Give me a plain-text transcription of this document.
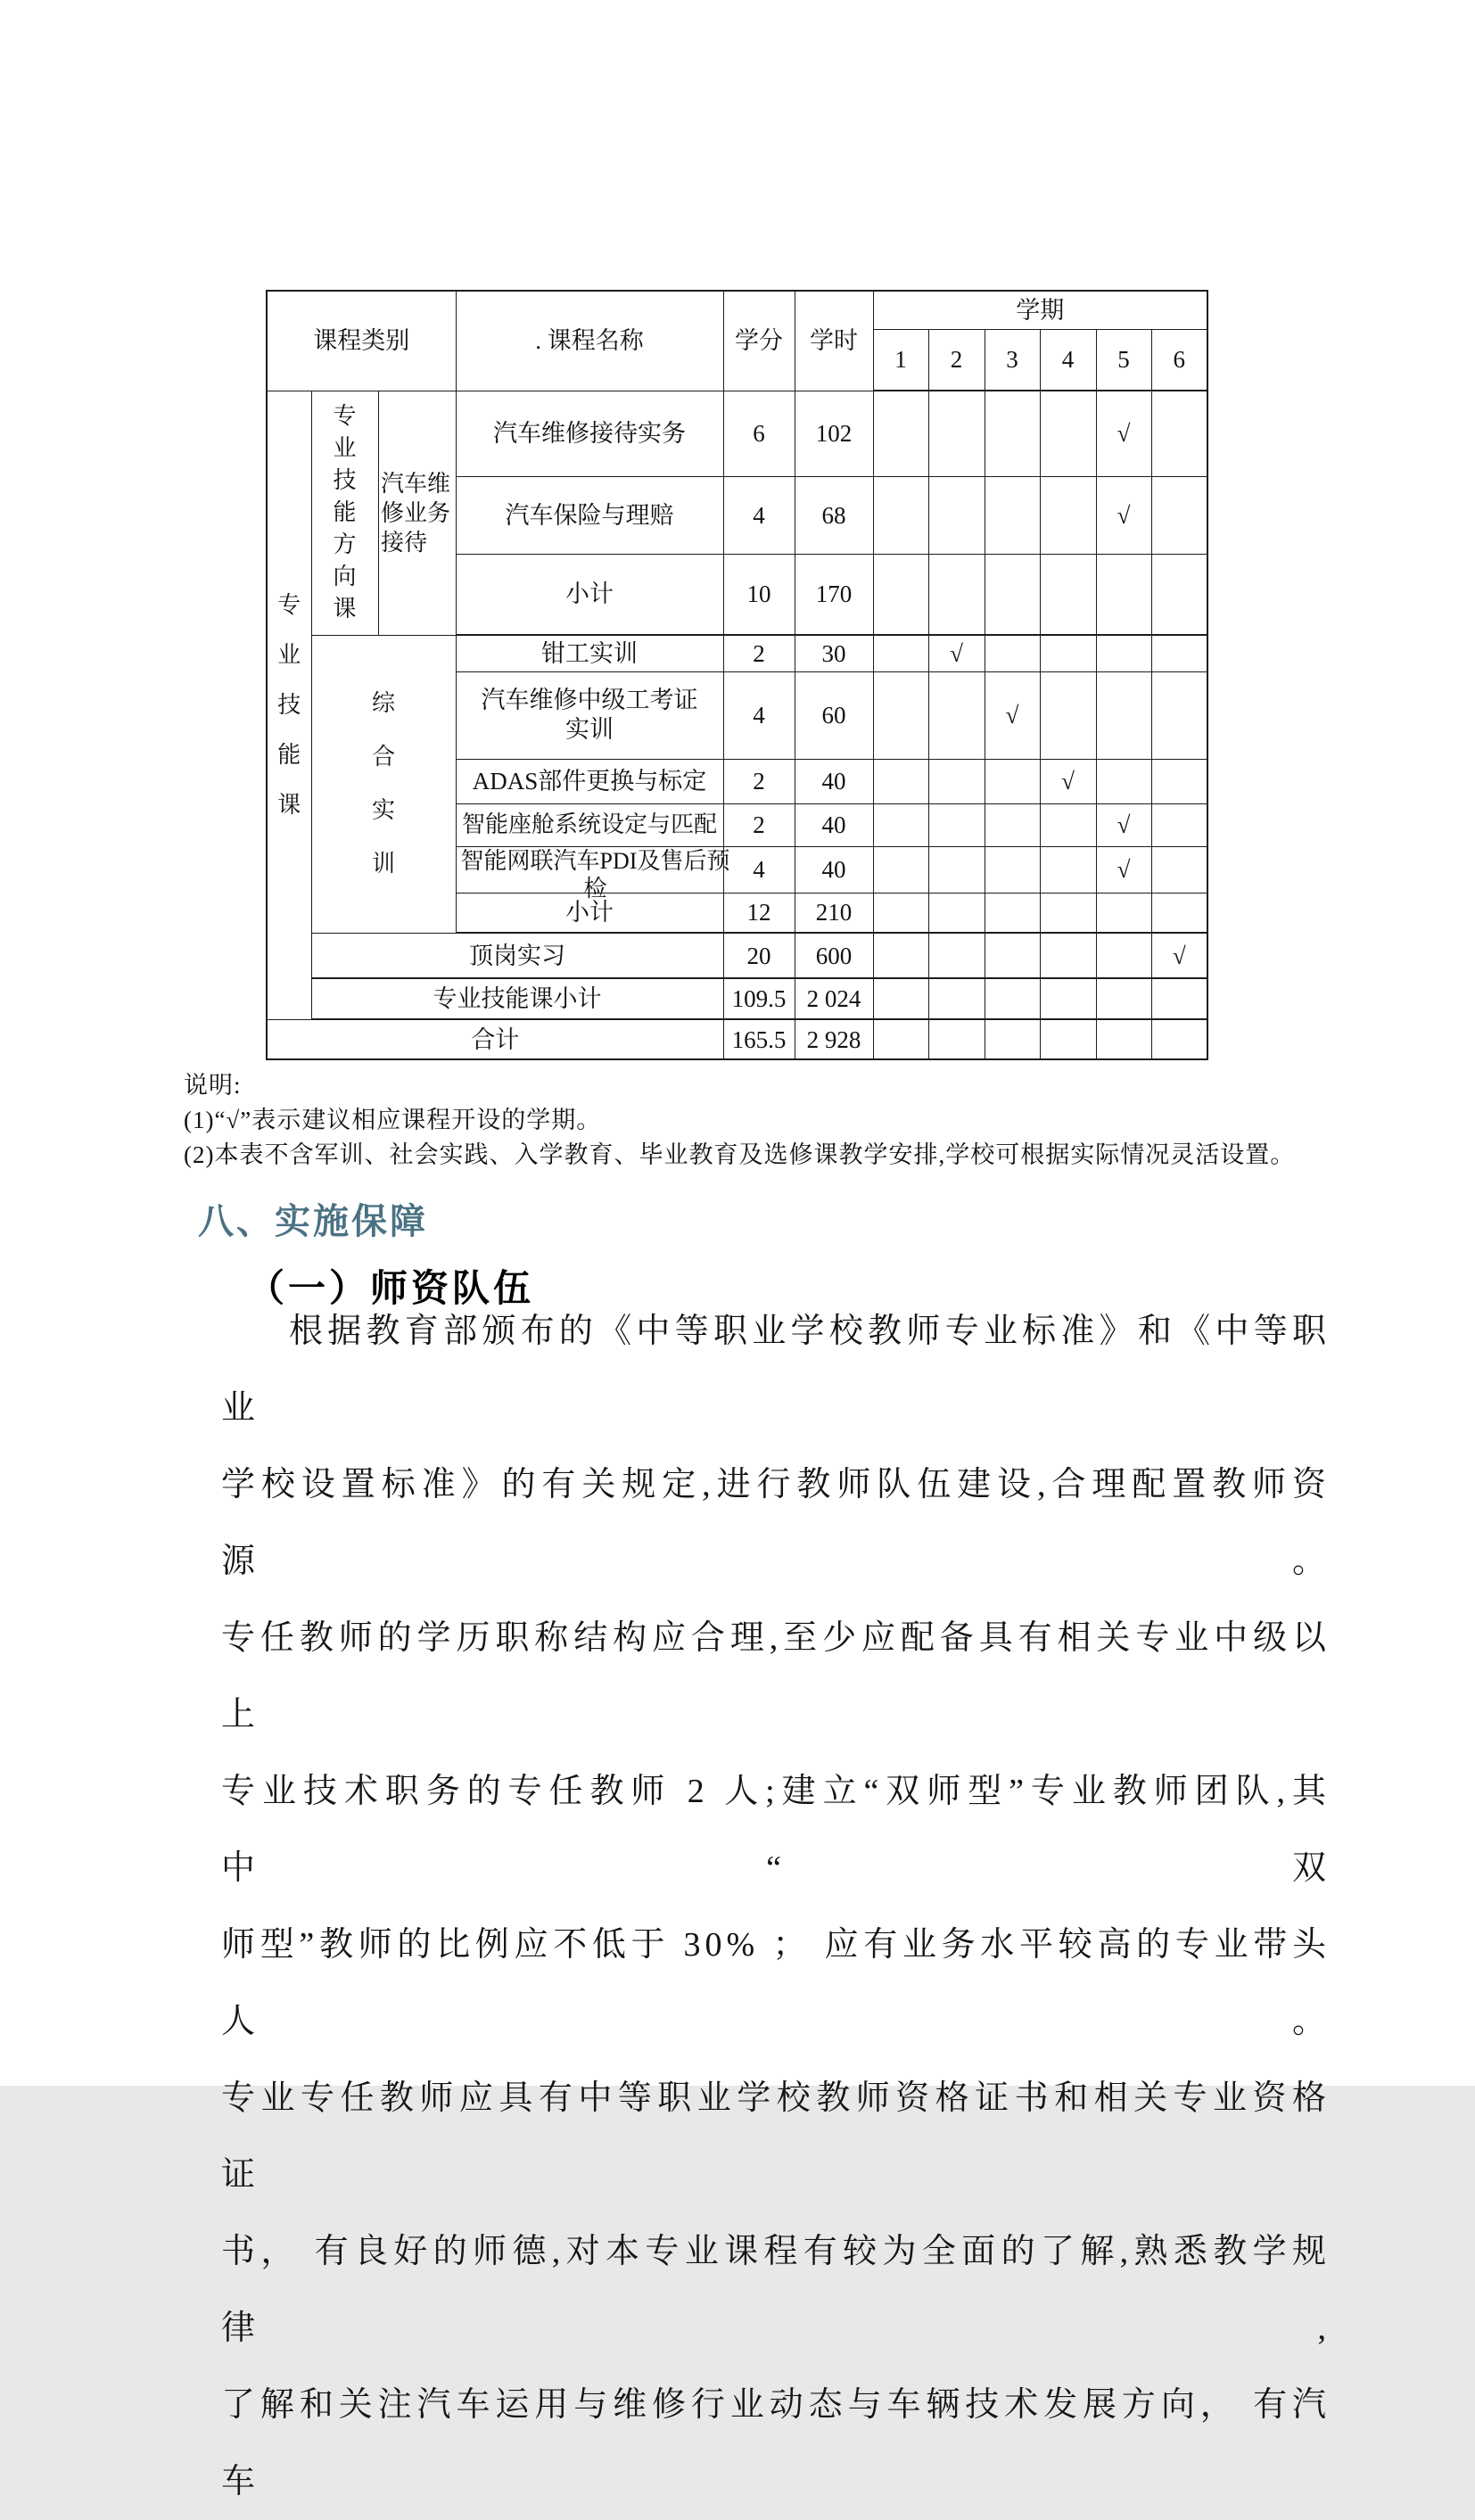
课程类别			. 课程名称	学分	学时	学期					
						1	2	3	4	5	6
专业技能课	专业技能方向课	汽车维修业务接待	汽车维修接待实务	6	102					√	
			汽车保险与理赔	4	68					√	
			小计	10	170						
	综合实训		钳工实训	2	30		√				
			汽车维修中级工考证实训	4	60			√			
			ADAS部件更换与标定	2	40				√		
			智能座舱系统设定与匹配	2	40					√	

			智能网联汽车PDI及售后预检	4	40					√	
			小计	12	210						
	顶岗实习			20	600						√
	专业技能课小计			109.5	2 024						
合计				165.5	2 928						
说明:
(1)“√”表示建议相应课程开设的学期。
(2)本表不含军训、社会实践、入学教育、毕业教育及选修课教学安排,学校可根据实际情况灵活设置。
八、实施保障
（一）师资队伍
根据教育部颁布的《中等职业学校教师专业标准》和《中等职业
学校设置标准》的有关规定,进行教师队伍建设,合理配置教师资源。
专任教师的学历职称结构应合理,至少应配备具有相关专业中级以上
专业技术职务的专任教师 2 人;建立“双师型”专业教师团队,其中“双
师型”教师的比例应不低于 30% ； 应有业务水平较高的专业带头人。
专业专任教师应具有中等职业学校教师资格证书和相关专业资格证
书， 有良好的师德,对本专业课程有较为全面的了解,熟悉教学规律,
了解和关注汽车运用与维修行业动态与车辆技术发展方向， 有汽车
